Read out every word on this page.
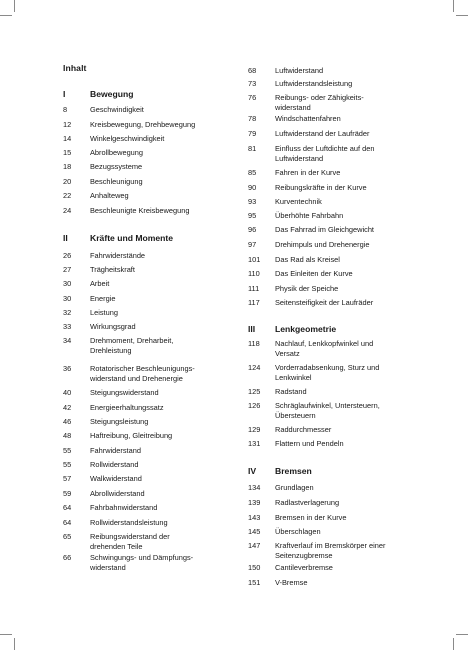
Inhalt
I	Bewegung
8	Geschwindigkeit
12	Kreisbewegung, Drehbewegung
14	Winkelgeschwindigkeit
15	Abrollbewegung
18	Bezugssysteme
20	Beschleunigung
22	Anhalteweg
24	Beschleunigte Kreisbewegung
II	Kräfte und Momente
26	Fahrwiderstände
27	Trägheitskraft
30	Arbeit
30	Energie
32	Leistung
33	Wirkungsgrad
34	Drehmoment, Dreharbeit,
Drehleistung
36	Rotatorischer Beschleunigungs-
widerstand und Drehenergie
40	Steigungswiderstand
42	Energieerhaltungssatz
46	Steigungsleistung
48	Haftreibung, Gleitreibung
55	Fahrwiderstand
55	Rollwiderstand
57	Walkwiderstand
59	Abrollwiderstand
64	Fahrbahnwiderstand
64	Rollwiderstandsleistung
65	Reibungswiderstand der
drehenden Teile
66	Schwingungs- und Dämpfungs-
widerstand
68	Luftwiderstand
73	Luftwiderstandsleistung
76	Reibungs- oder Zähigkeits-
widerstand
78	Windschattenfahren
79	Luftwiderstand der Laufräder
81	Einfluss der Luftdichte auf den
Luftwiderstand
85	Fahren in der Kurve
90	Reibungskräfte in der Kurve
93	Kurventechnik
95	Überhöhte Fahrbahn
96	Das Fahrrad im Gleichgewicht
97	Drehimpuls und Drehenergie
101	Das Rad als Kreisel
110	Das Einleiten der Kurve
111	Physik der Speiche
117	Seitensteifigkeit der Laufräder
III Lenkgeometrie
118	Nachlauf, Lenkkopfwinkel und
Versatz
124	Vorderradabsenkung, Sturz und
Lenkwinkel
125	Radstand
126	Schräglaufwinkel, Untersteuern,
Übersteuern
129	Raddurchmesser
131	Flattern und Pendeln
IV Bremsen
134	Grundlagen
139	Radlastverlagerung
143	Bremsen in der Kurve
145	Überschlagen
147	Kraftverlauf im Bremskörper einer
Seitenzugbremse
150	Cantileverbremse
151	V-Bremse
